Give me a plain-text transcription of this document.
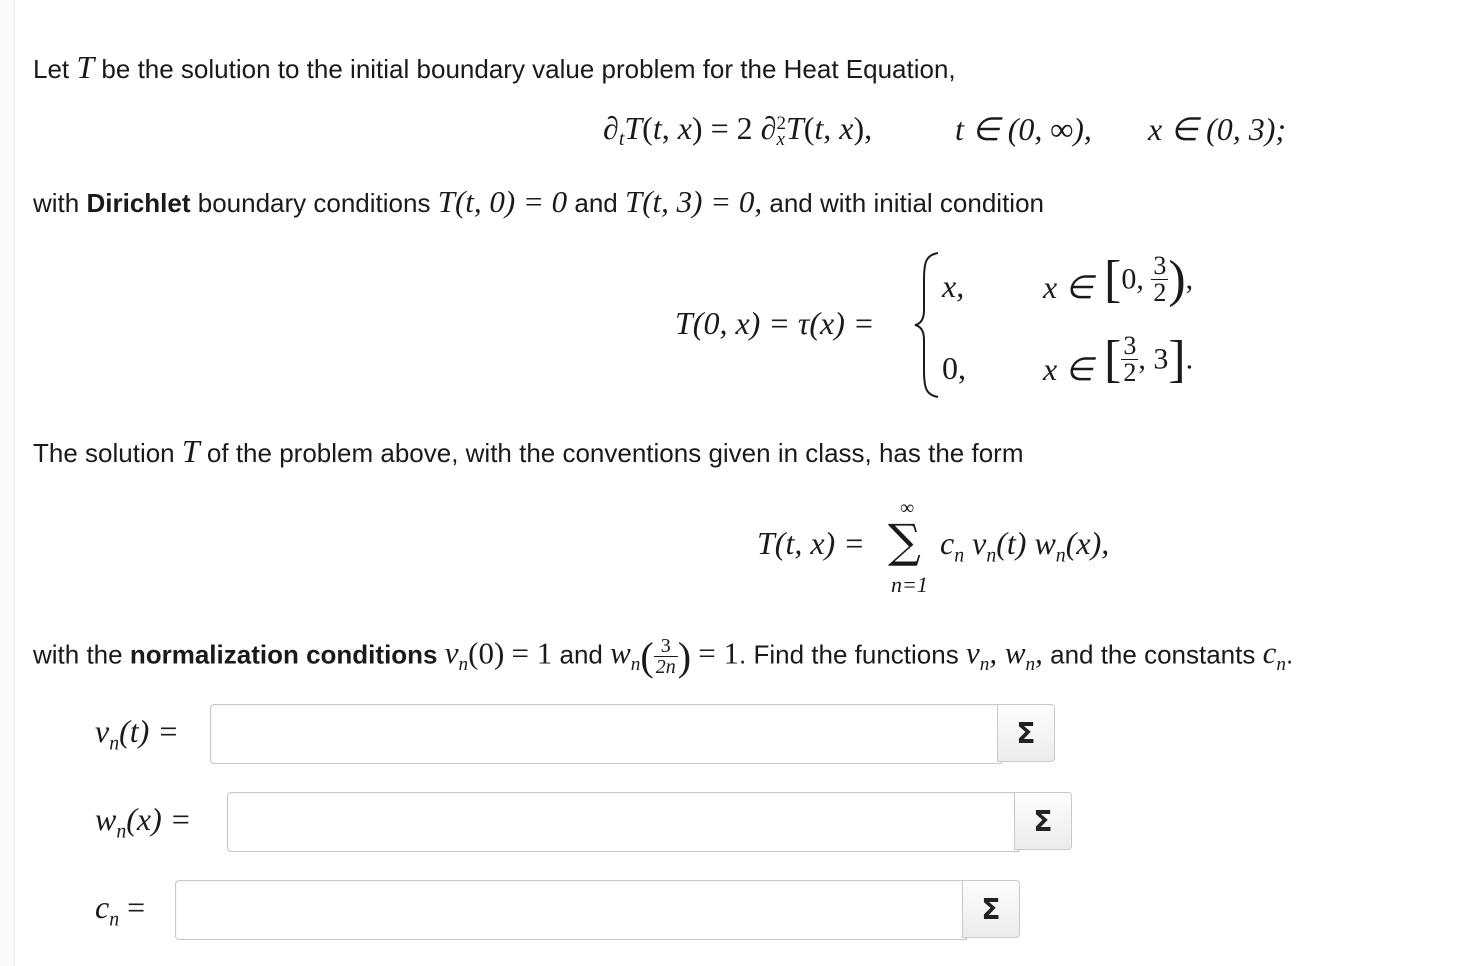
Let T be the solution to the initial boundary value problem for the Heat Equation,
∂tT(t, x) = 2 ∂ 2
x T(t, x),	t ∈ (0, ∞), x ∈ (0, 3);
with Dirichlet boundary conditions T(t, 0) = 0 and T(t, 3) = 0, and with initial condition
T(0, x) = τ(x) =
x, x ∈ [0, $\frac{3}{2}$ ),
0, x ∈ [ $\frac{3}{2}$ , 3].
The solution T of the problem above, with the conventions given in class, has the form
T(t, x) =
∞
∑
n=1
$c_n$ $v_n(t)$ $w_n(x)$,
with the normalization conditions $v_n(0) = 1$ and $w_n( \frac{3}{2n}$ ) = 1. Find the functions $v_n$, $w_n$, and the constants $c_n$.
$v_n(t)$ =	Σ
$w_n(x)$ =	Σ
$c_n$ =	Σ
